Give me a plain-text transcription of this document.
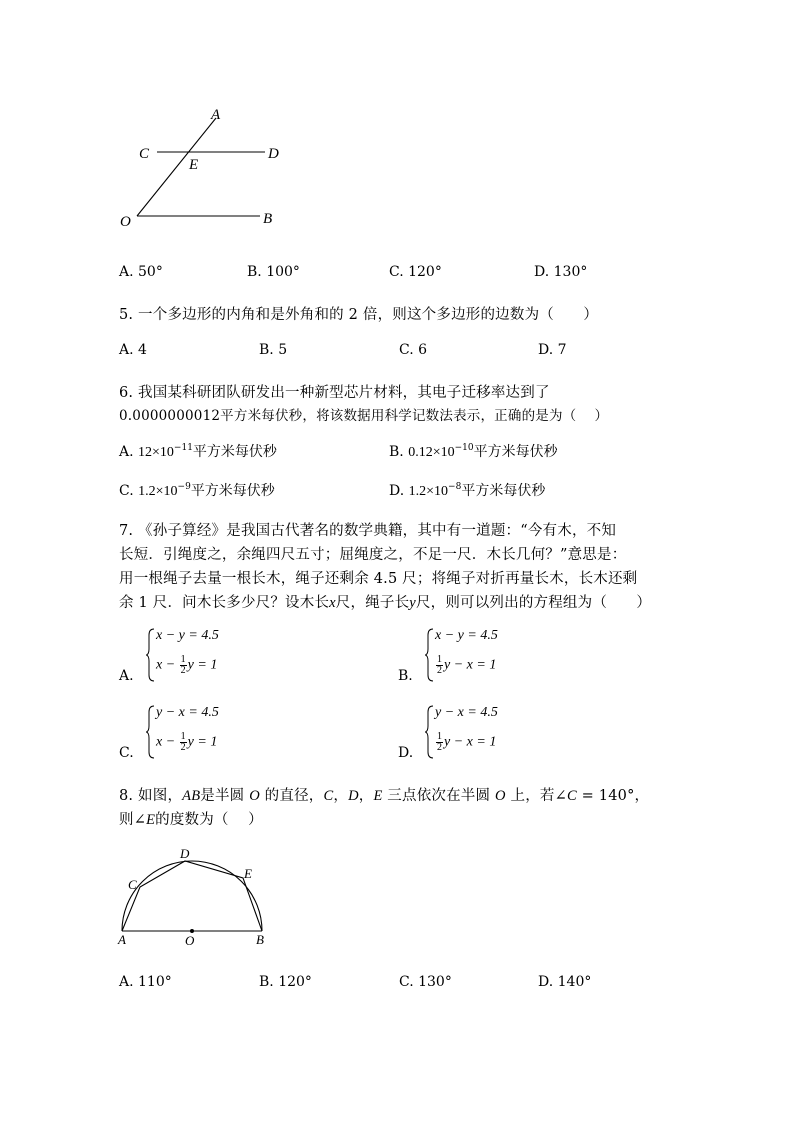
A
C
E
D
O	B
A. 50°	B. 100°	C. 120°	D. 130°
5. 一个多边形的内角和是外角和的 2 倍，则这个多边形的边数为（　　）
A. 4	B. 5	C. 6	D. 7
6. 我国某科研团队研发出一种新型芯片材料，其电子迁移率达到了
0.0000000012平方米每伏秒，将该数据用科学记数法表示，正确的是为（　 ）
A. $12\times 10^{-11}$平方米每伏秒	B. $0.12\times 10^{-10}$平方米每伏秒
C. $1.2\times 10^{-9}$平方米每伏秒	D. $1.2\times 10^{-8}$平方米每伏秒
7. 《孙子算经》是我国古代著名的数学典籍，其中有一道题：“今有木，不知
长短．引绳度之，余绳四尺五寸；屈绳度之，不足一尺．木长几何？”意思是：
用一根绳子去量一根长木，绳子还剩余 4.5 尺；将绳子对折再量长木，长木还剩
余 1 尺．问木长多少尺？设木长x尺，绳子长y尺，则可以列出的方程组为（　　）
A.
x − y = 4.5
$x - \frac{1}{2}$ y = 1
B.
x − y = 4.5
$\frac{1}{2}$ y − x = 1
C.
y − x = 4.5
$x - \frac{1}{2}$ y = 1
D.
y − x = 4.5
$\frac{1}{2}$ y − x = 1
8. 如图，AB是半圆 O 的直径，C，D，E 三点依次在半圆 O 上，若∠C = 140°，
则∠E的度数为（　 ）
A
C
D
E
O	B
A. 110°	B. 120°	C. 130°	D. 140°
